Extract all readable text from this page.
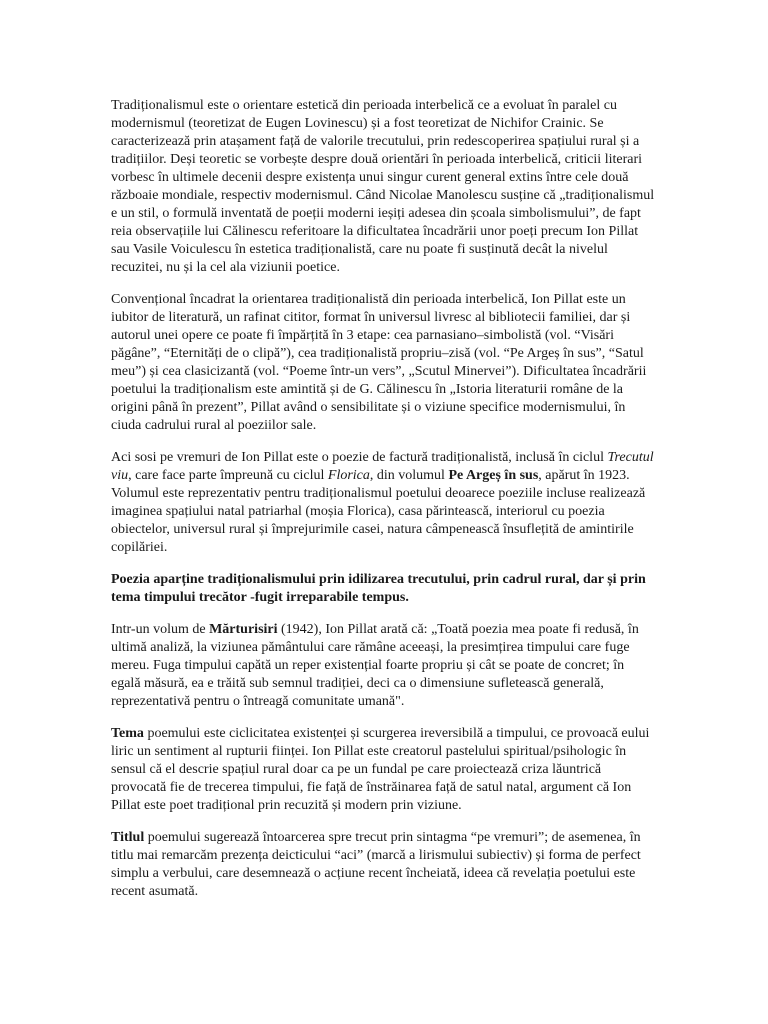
Tradiționalismul este o orientare estetică din perioada interbelică ce a evoluat în paralel cu modernismul (teoretizat de Eugen Lovinescu) și a fost teoretizat de Nichifor Crainic. Se caracterizează prin atașament față de valorile trecutului, prin redescoperirea spațiului rural și a tradițiilor. Deși teoretic se vorbește despre două orientări în perioada interbelică, criticii literari vorbesc în ultimele decenii despre existența unui singur curent general extins între cele două războaie mondiale, respectiv modernismul. Când Nicolae Manolescu susține că „tradiționalismul e un stil, o formulă inventată de poeții moderni ieșiți adesea din școala simbolismului”, de fapt reia observațiile lui Călinescu referitoare la dificultatea încadrării unor poeți precum Ion Pillat sau Vasile Voiculescu în estetica tradiționalistă, care nu poate fi susținută decât la nivelul recuzitei, nu și la cel ala viziunii poetice.

Convențional încadrat la orientarea tradiționalistă din perioada interbelică, Ion Pillat este un iubitor de literatură, un rafinat cititor, format în universul livresc al bibliotecii familiei, dar și autorul unei opere ce poate fi împărțită în 3 etape: cea parnasiano–simbolistă (vol. “Visări păgâne”, “Eternități de o clipă”), cea tradiționalistă propriu–zisă (vol. “Pe Argeș în sus”, “Satul meu”) și cea clasicizantă (vol. “Poeme într-un vers”, „Scutul Minervei”). Dificultatea încadrării poetului la tradiționalism este amintită și de G. Călinescu în „Istoria literaturii române de la origini până în prezent”, Pillat având o sensibilitate și o viziune specifice modernismului, în ciuda cadrului rural al poeziilor sale.

Aci sosi pe vremuri de Ion Pillat este o poezie de factură tradiționalistă, inclusă în ciclul Trecutul viu, care face parte împreună cu ciclul Florica, din volumul Pe Argeș în sus, apărut în 1923. Volumul este reprezentativ pentru tradiționalismul poetului deoarece poeziile incluse realizează imaginea spațiului natal patriarhal (moșia Florica), casa părintească, interiorul cu poezia obiectelor, universul rural și împrejurimile casei, natura câmpenească însuflețită de amintirile copilăriei.

Poezia aparține tradiționalismului prin idilizarea trecutului, prin cadrul rural, dar și prin tema timpului trecător -fugit irreparabile tempus.

Intr-un volum de Mărturisiri (1942), Ion Pillat arată că: „Toată poezia mea poate fi redusă, în ultimă analiză, la viziunea pământului care rămâne aceeași, la presimțirea timpului care fuge mereu. Fuga timpului capătă un reper existențial foarte propriu și cât se poate de concret; în egală măsură, ea e trăită sub semnul tradiției, deci ca o dimensiune sufletească generală, reprezentativă pentru o întreagă comunitate umană".

Tema poemului este ciclicitatea existenței și scurgerea ireversibilă a timpului, ce provoacă eului liric un sentiment al rupturii ființei. Ion Pillat este creatorul pastelului spiritual/psihologic în sensul că el descrie spațiul rural doar ca pe un fundal pe care proiectează criza lăuntrică provocată fie de trecerea timpului, fie față de înstrăinarea față de satul natal, argument că Ion Pillat este poet tradițional prin recuzită și modern prin viziune.

Titlul poemului sugerează întoarcerea spre trecut prin sintagma “pe vremuri”; de asemenea, în titlu mai remarcăm prezența deicticului “aci” (marcă a lirismului subiectiv) și forma de perfect simplu a verbului, care desemnează o acțiune recent încheiată, ideea că revelația poetului este recent asumată.
